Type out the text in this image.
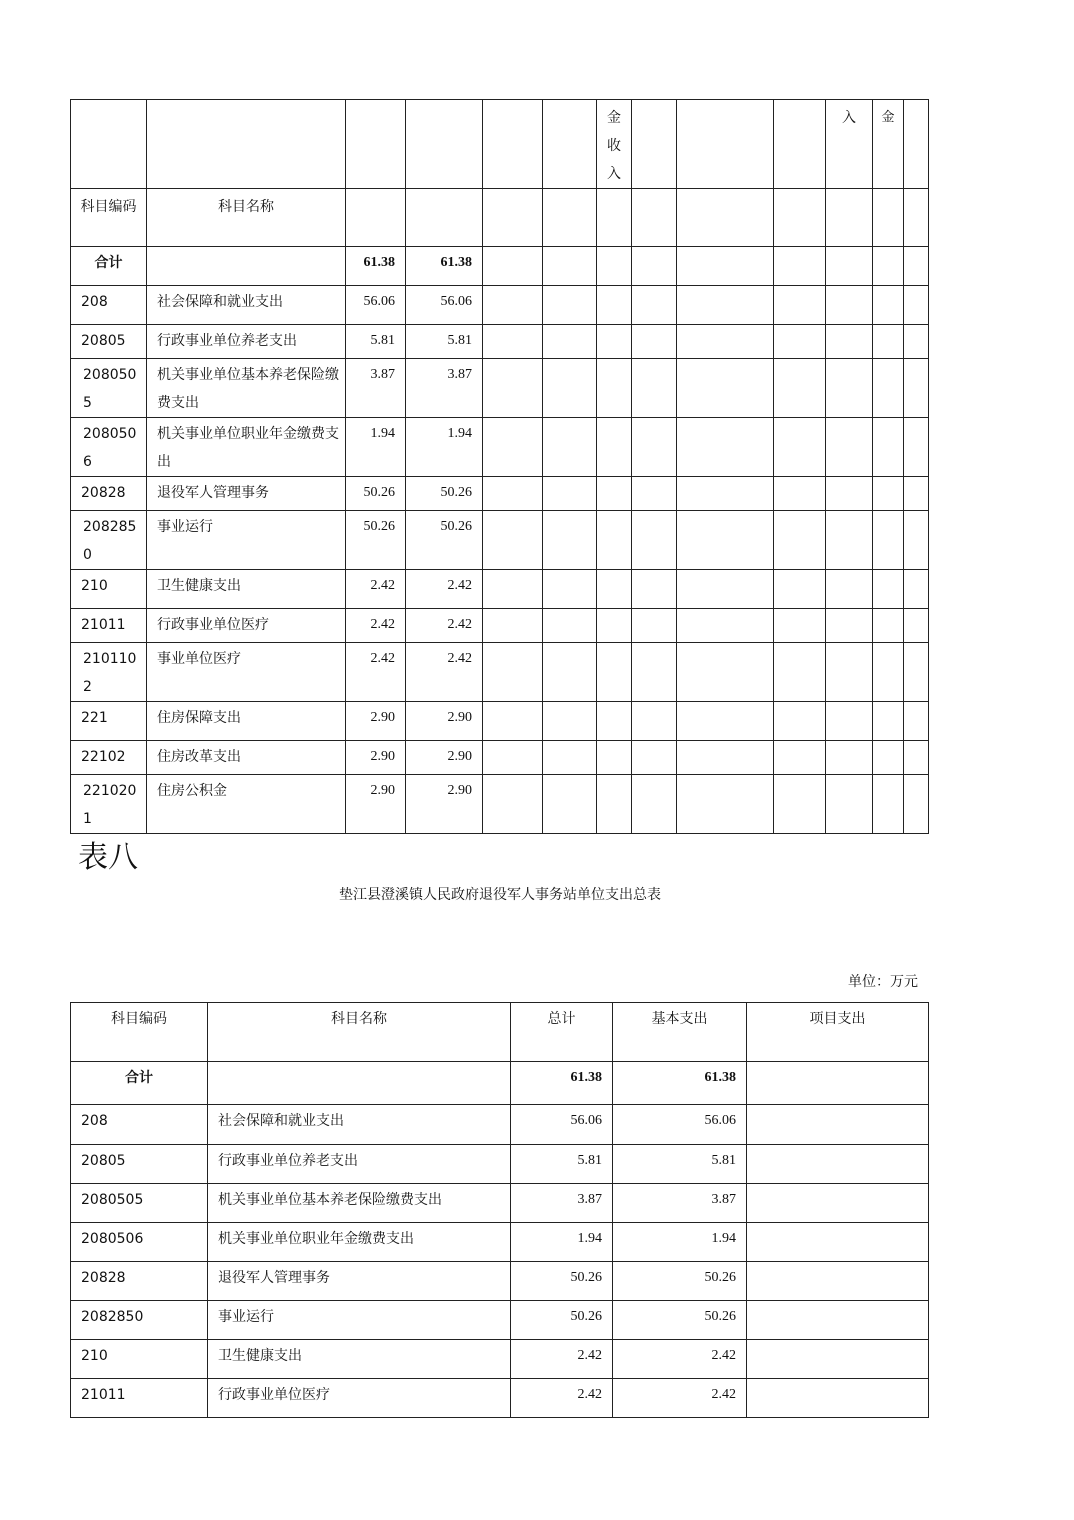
						金
收
入				入	金	
科目编码	科目名称											
合计		61.38	61.38									
208	社会保障和就业支出	56.06	56.06									
20805	行政事业单位养老支出	5.81	5.81									
2080505	机关事业单位基本养老保险缴费支出	3.87	3.87									
2080506	机关事业单位职业年金缴费支出	1.94	1.94									
20828	退役军人管理事务	50.26	50.26									
2082850	事业运行	50.26	50.26									
210	卫生健康支出	2.42	2.42									
21011	行政事业单位医疗	2.42	2.42									
2101102	事业单位医疗	2.42	2.42									
221	住房保障支出	2.90	2.90									
22102	住房改革支出	2.90	2.90									
2210201	住房公积金	2.90	2.90									
表八
垫江县澄溪镇人民政府退役军人事务站单位支出总表
单位：万元
科目编码	科目名称	总计	基本支出	项目支出
合计		61.38	61.38	
208	社会保障和就业支出	56.06	56.06	
20805	行政事业单位养老支出	5.81	5.81	
2080505	机关事业单位基本养老保险缴费支出	3.87	3.87	
2080506	机关事业单位职业年金缴费支出	1.94	1.94	
20828	退役军人管理事务	50.26	50.26	
2082850	事业运行	50.26	50.26	
210	卫生健康支出	2.42	2.42	
21011	行政事业单位医疗	2.42	2.42	
